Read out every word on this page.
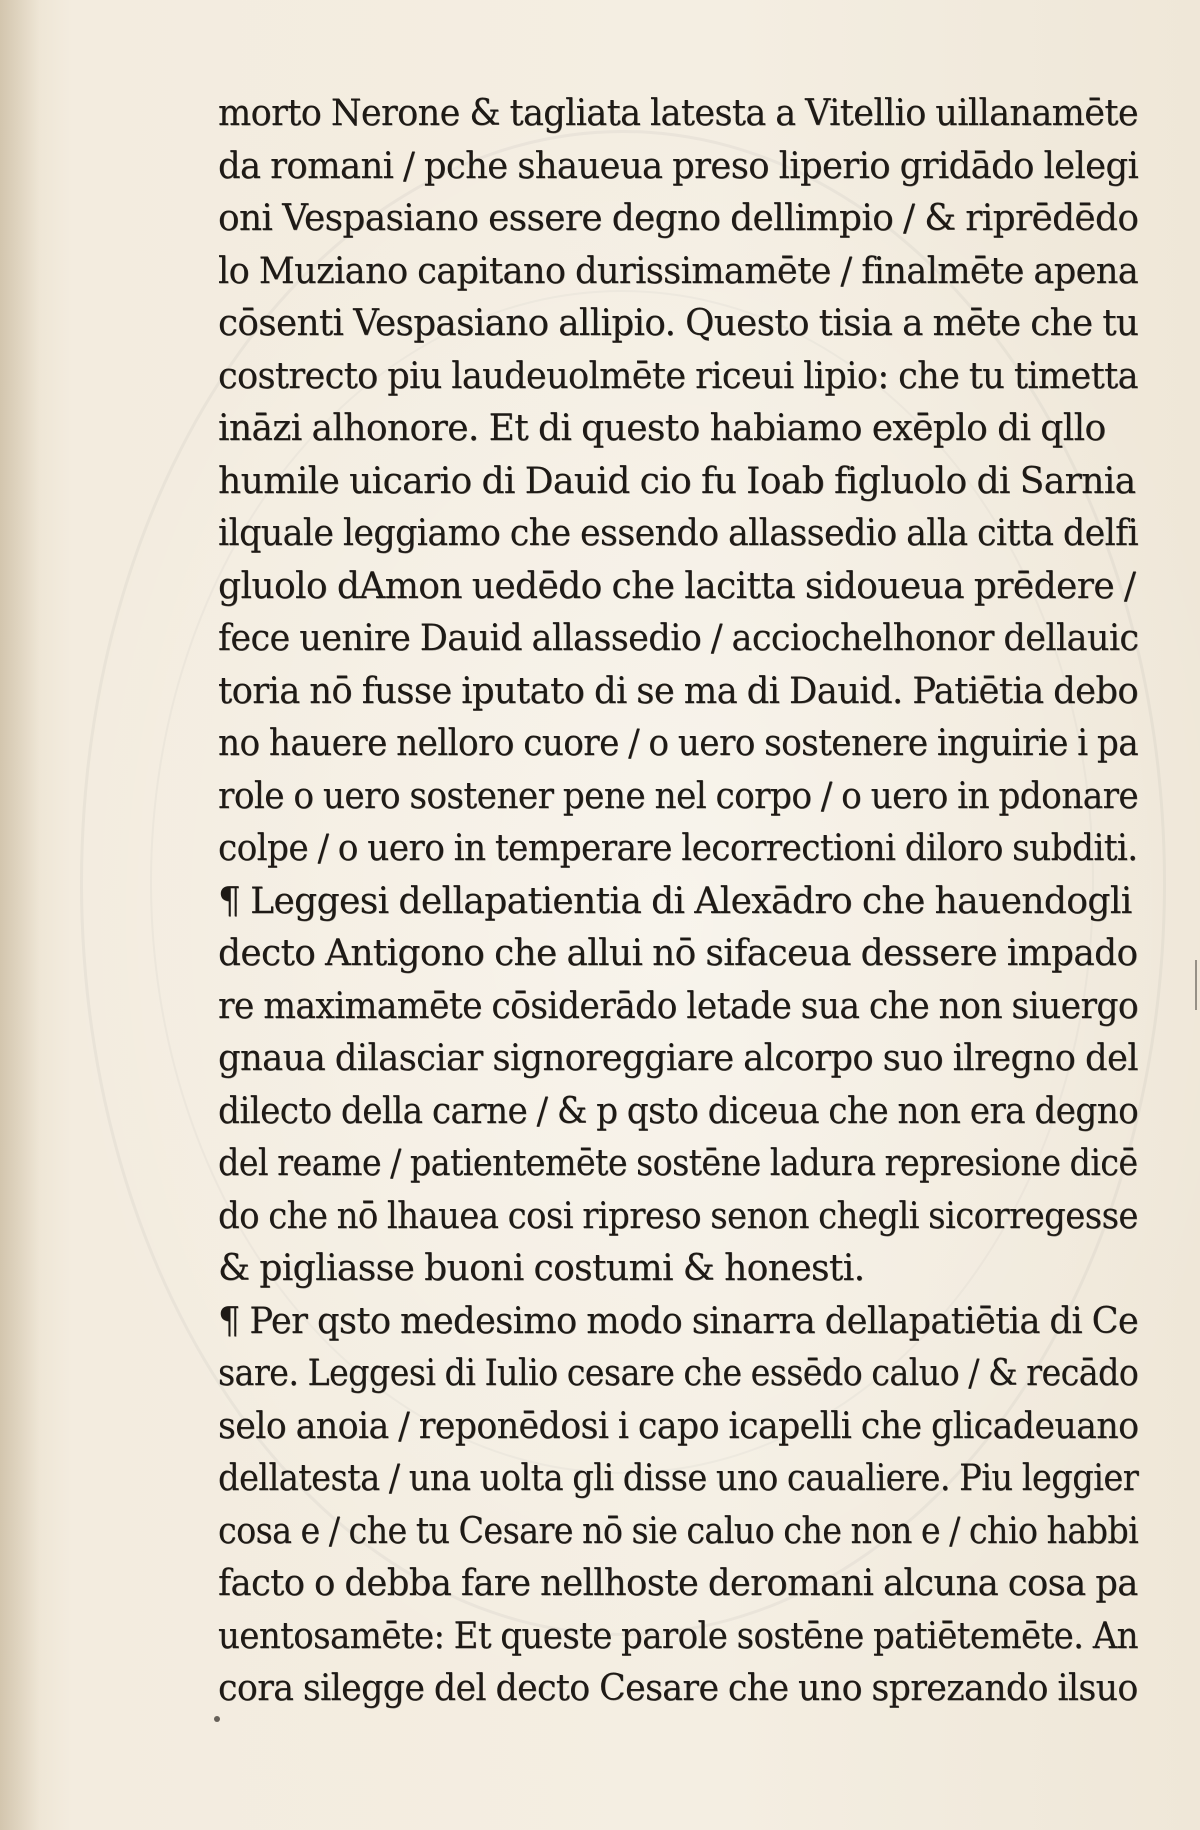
morto Nerone & tagliata latesta a Vitellio uillanamēte
da romani / pche shaueua preso liperio gridādo lelegi
oni Vespasiano essere degno dellimpio / & riprēdēdo
lo Muziano capitano durissimamēte / finalmēte apena
cōsenti Vespasiano allipio. Questo tisia a mēte che tu
costrecto piu laudeuolmēte riceui lipio: che tu timetta
ināzi alhonore. Et di questo habiamo exēplo di qllo
humile uicario di Dauid cio fu Ioab figluolo di Sarnia
ilquale leggiamo che essendo allassedio alla citta delfi
gluolo dAmon uedēdo che lacitta sidoueua prēdere /
fece uenire Dauid allassedio / acciochelhonor dellauic
toria nō fusse iputato di se ma di Dauid. Patiētia debo
no hauere nelloro cuore / o uero sostenere inguirie i pa
role o uero sostener pene nel corpo / o uero in pdonare
colpe / o uero in temperare lecorrectioni diloro subditi.
¶ Leggesi dellapatientia di Alexādro che hauendogli
decto Antigono che allui nō sifaceua dessere impado
re maximamēte cōsiderādo letade sua che non siuergo
gnaua dilasciar signoreggiare alcorpo suo ilregno del
dilecto della carne / & p qsto diceua che non era degno
del reame / patientemēte sostēne ladura represione dicē
do che nō lhauea cosi ripreso senon chegli sicorregesse
& pigliasse buoni costumi & honesti.
¶ Per qsto medesimo modo sinarra dellapatiētia di Ce
sare. Leggesi di Iulio cesare che essēdo caluo / & recādo
selo anoia / reponēdosi i capo icapelli che glicadeuano
dellatesta / una uolta gli disse uno caualiere. Piu leggier
cosa e / che tu Cesare nō sie caluo che non e / chio habbi
facto o debba fare nellhoste deromani alcuna cosa pa
uentosamēte: Et queste parole sostēne patiētemēte. An
cora silegge del decto Cesare che uno sprezando ilsuo
